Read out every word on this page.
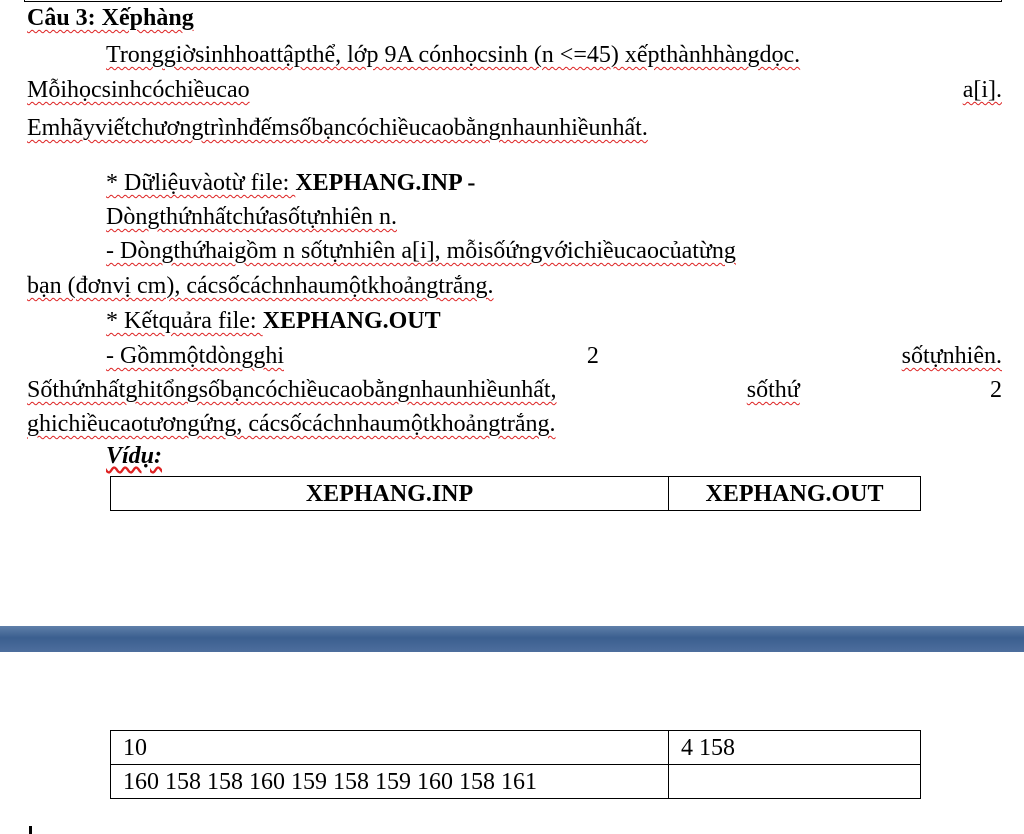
Câu 3: Xếphàng
Tronggiờsinhhoattậpthể, lớp 9A cónhọcsinh (n <=45) xếpthànhhàngdọc.
Mỗihọcsinhcóchiềucao	a[i].
Emhãyviếtchươngtrìnhđếmsốbạncóchiềucaobằngnhaunhiềunhất.
* Dữliệuvàotừ file: XEPHANG.INP -
Dòngthứnhấtchứasốtựnhiên n.
- Dòngthứhaigồm n sốtựnhiên a[i], mỗisốứngvớichiềucaocủatừng
bạn (đơnvị cm), cácsốcáchnhaumộtkhoảngtrắng.
* Kếtquảra file: XEPHANG.OUT
- Gồmmộtdòngghi	2	sốtựnhiên.
Sốthứnhấtghitổngsốbạncóchiềucaobằngnhaunhiềunhất,	sốthứ	2
ghichiềucaotươngứng, cácsốcáchnhaumộtkhoảngtrắng.
Vídụ:
XEPHANG.INP	XEPHANG.OUT
10	4 158
160 158 158 160 159 158 159 160 158 161	
